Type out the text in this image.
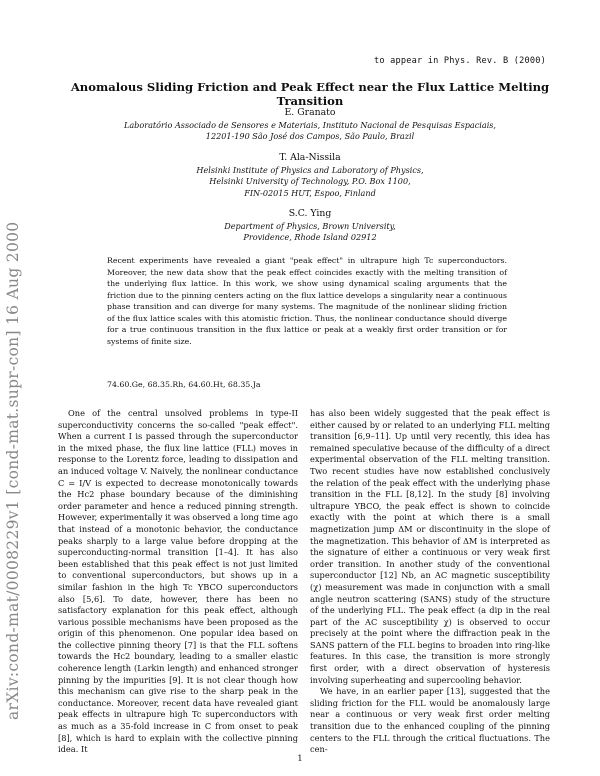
to appear in Phys. Rev. B (2000)
arXiv:cond-mat/0008229v1 [cond-mat.supr-con] 16 Aug 2000
Anomalous Sliding Friction and Peak Effect near the Flux Lattice Melting Transition
E. Granato
Laboratório Associado de Sensores e Materiais, Instituto Nacional de Pesquisas Espaciais,
12201-190 São José dos Campos, São Paulo, Brazil
T. Ala-Nissila
Helsinki Institute of Physics and Laboratory of Physics,
Helsinki University of Technology, P.O. Box 1100,
FIN-02015 HUT, Espoo, Finland
S.C. Ying
Department of Physics, Brown University,
Providence, Rhode Island 02912
Recent experiments have revealed a giant "peak effect" in ultrapure high Tc superconductors. Moreover, the new data show that the peak effect coincides exactly with the melting transition of the underlying flux lattice. In this work, we show using dynamical scaling arguments that the friction due to the pinning centers acting on the flux lattice develops a singularity near a continuous phase transition and can diverge for many systems. The magnitude of the nonlinear sliding friction of the flux lattice scales with this atomistic friction. Thus, the nonlinear conductance should diverge for a true continuous transition in the flux lattice or peak at a weakly first order transition or for systems of finite size.
74.60.Ge, 68.35.Rh, 64.60.Ht, 68.35.Ja

One of the central unsolved problems in type-II superconductivity concerns the so-called "peak effect". When a current I is passed through the superconductor in the mixed phase, the flux line lattice (FLL) moves in response to the Lorentz force, leading to dissipation and an induced voltage V. Naively, the nonlinear conductance C = I/V is expected to decrease monotonically towards the Hc2 phase boundary because of the diminishing order parameter and hence a reduced pinning strength. However, experimentally it was observed a long time ago that instead of a monotonic behavior, the conductance peaks sharply to a large value before dropping at the superconducting-normal transition [1–4]. It has also been established that this peak effect is not just limited to conventional superconductors, but shows up in a similar fashion in the high Tc YBCO superconductors also [5,6]. To date, however, there has been no satisfactory explanation for this peak effect, although various possible mechanisms have been proposed as the origin of this phenomenon. One popular idea based on the collective pinning theory [7] is that the FLL softens towards the Hc2 boundary, leading to a smaller elastic coherence length (Larkin length) and enhanced stronger pinning by the impurities [9]. It is not clear though how this mechanism can give rise to the sharp peak in the conductance. Moreover, recent data have revealed giant peak effects in ultrapure high Tc superconductors with as much as a 35-fold increase in C from onset to peak [8], which is hard to explain with the collective pinning idea. It

has also been widely suggested that the peak effect is either caused by or related to an underlying FLL melting transition [6,9–11]. Up until very recently, this idea has remained speculative because of the difficulty of a direct experimental observation of the FLL melting transition. Two recent studies have now established conclusively the relation of the peak effect with the underlying phase transition in the FLL [8,12]. In the study [8] involving ultrapure YBCO, the peak effect is shown to coincide exactly with the point at which there is a small magnetization jump ΔM or discontinuity in the slope of the magnetization. This behavior of ΔM is interpreted as the signature of either a continuous or very weak first order transition. In another study of the conventional superconductor [12] Nb, an AC magnetic susceptibility (χ) measurement was made in conjunction with a small angle neutron scattering (SANS) study of the structure of the underlying FLL. The peak effect (a dip in the real part of the AC susceptibility χ) is observed to occur precisely at the point where the diffraction peak in the SANS pattern of the FLL begins to broaden into ring-like features. In this case, the transition is more strongly first order, with a direct observation of hysteresis involving superheating and supercooling behavior.

We have, in an earlier paper [13], suggested that the sliding friction for the FLL would be anomalously large near a continuous or very weak first order melting transition due to the enhanced coupling of the pinning centers to the FLL through the critical fluctuations. The cen-

1
